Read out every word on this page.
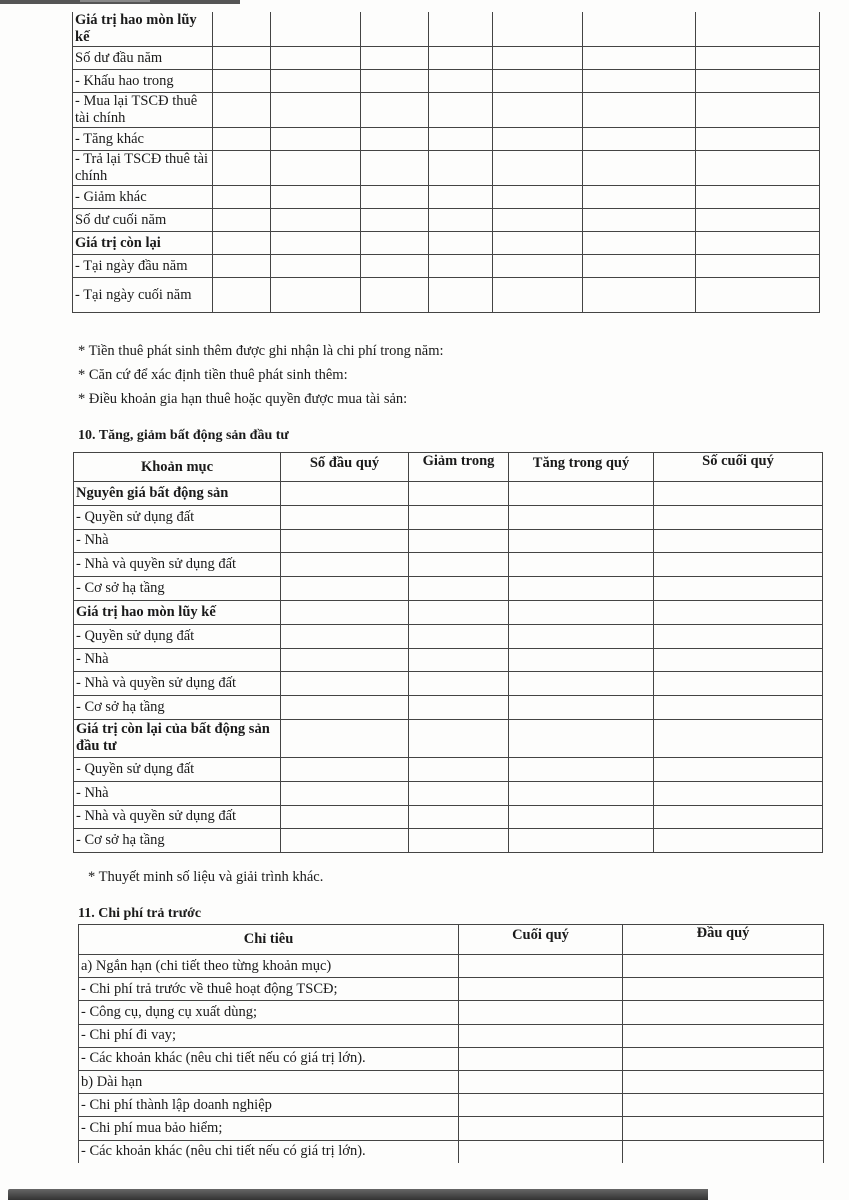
Giá trị hao mòn lũy kế							
Số dư đầu năm							
- Khấu hao trong							
- Mua lại TSCĐ thuê tài chính							
- Tăng khác							
- Trả lại TSCĐ thuê tài chính							
- Giảm khác							
Số dư cuối năm							
Giá trị còn lại							
- Tại ngày đầu năm							
- Tại ngày cuối năm							
* Tiền thuê phát sinh thêm được ghi nhận là chi phí trong năm:
* Căn cứ để xác định tiền thuê phát sinh thêm:
* Điều khoản gia hạn thuê hoặc quyền được mua tài sản:
10. Tăng, giảm bất động sản đầu tư
Khoản mục	Số đầu quý	Giảm trong	Tăng trong quý	Số cuối quý
Nguyên giá bất động sản				
- Quyền sử dụng đất				
- Nhà				
- Nhà và quyền sử dụng đất				
- Cơ sở hạ tầng				
Giá trị hao mòn lũy kế				
- Quyền sử dụng đất				
- Nhà				
- Nhà và quyền sử dụng đất				
- Cơ sở hạ tầng				
Giá trị còn lại của bất động sản đầu tư				
- Quyền sử dụng đất				
- Nhà				
- Nhà và quyền sử dụng đất				
- Cơ sở hạ tầng				
* Thuyết minh số liệu và giải trình khác.
11. Chi phí trả trước
Chỉ tiêu	Cuối quý	Đầu quý
a) Ngắn hạn (chi tiết theo từng khoản mục)		
- Chi phí trả trước về thuê hoạt động TSCĐ;		
- Công cụ, dụng cụ xuất dùng;		
- Chi phí đi vay;		
- Các khoản khác (nêu chi tiết nếu có giá trị lớn).		
b) Dài hạn		
- Chi phí thành lập doanh nghiệp		
- Chi phí mua bảo hiểm;		
- Các khoản khác (nêu chi tiết nếu có giá trị lớn).		
